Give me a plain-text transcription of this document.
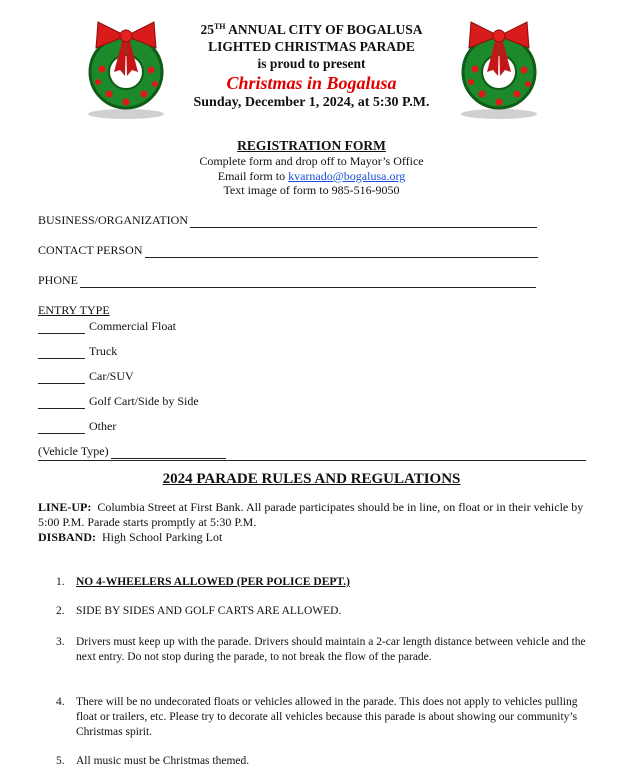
25TH ANNUAL CITY OF BOGALUSA
LIGHTED CHRISTMAS PARADE
is proud to present
Christmas in Bogalusa
Sunday, December 1, 2024, at 5:30 P.M.
REGISTRATION FORM
Complete form and drop off to Mayor’s Office
Email form to kvarnado@bogalusa.org
Text image of form to 985-516-9050
BUSINESS/ORGANIZATION
CONTACT PERSON
PHONE
ENTRY TYPE
Commercial Float
Truck
Car/SUV
Golf Cart/Side by Side
Other
(Vehicle Type)
2024 PARADE RULES AND REGULATIONS
LINE-UP: Columbia Street at First Bank. All parade participates should be in line, on float or in their vehicle by 5:00 P.M. Parade starts promptly at 5:30 P.M.
DISBAND: High School Parking Lot
1. NO 4-WHEELERS ALLOWED (PER POLICE DEPT.)
2. SIDE BY SIDES AND GOLF CARTS ARE ALLOWED.
3. Drivers must keep up with the parade. Drivers should maintain a 2-car length distance between vehicle and the next entry. Do not stop during the parade, to not break the flow of the parade.
4. There will be no undecorated floats or vehicles allowed in the parade. This does not apply to vehicles pulling float or trailers, etc. Please try to decorate all vehicles because this parade is about showing our community’s Christmas spirit.
5. All music must be Christmas themed.
